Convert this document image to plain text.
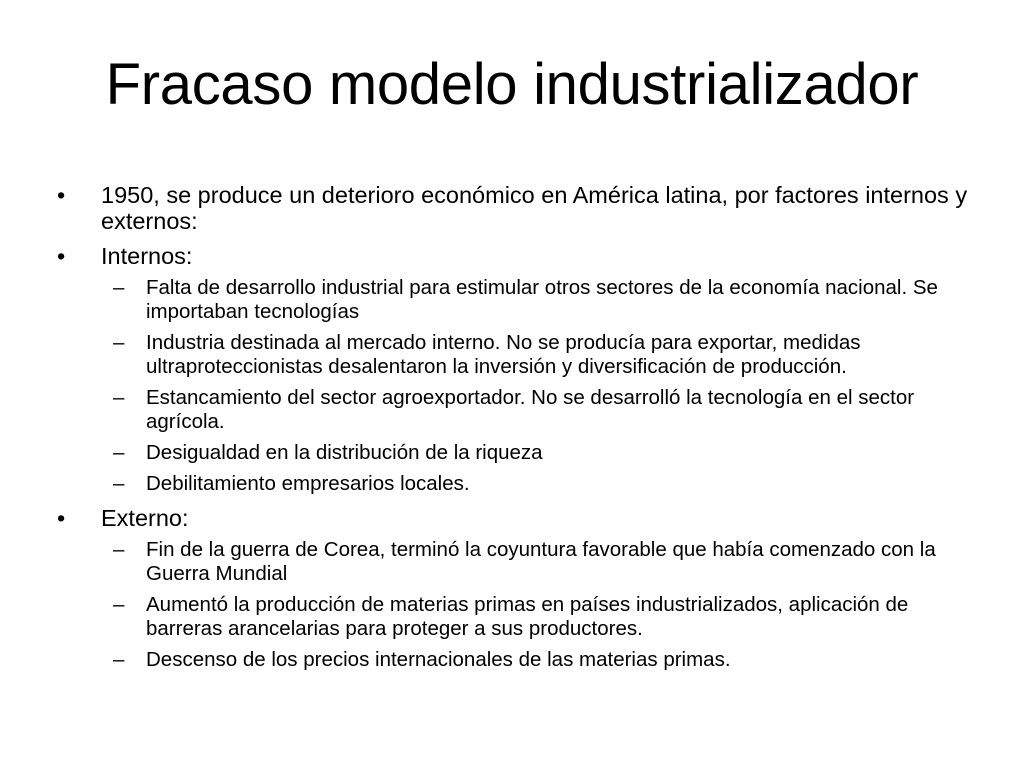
Fracaso modelo industrializador
• 1950, se produce un deterioro económico en América latina, por factores internos y externos:
• Internos:
– Falta de desarrollo industrial para estimular otros sectores de la economía nacional. Se importaban tecnologías
– Industria destinada al mercado interno. No se producía para exportar, medidas ultraproteccionistas desalentaron la inversión y diversificación de producción.
– Estancamiento del sector agroexportador. No se desarrolló la tecnología en el sector agrícola.
– Desigualdad en la distribución de la riqueza
– Debilitamiento empresarios locales.
• Externo:
– Fin de la guerra de Corea, terminó la coyuntura favorable que había comenzado con la Guerra Mundial
– Aumentó la producción de materias primas en países industrializados, aplicación de barreras arancelarias para proteger a sus productores.
– Descenso de los precios internacionales de las materias primas.
